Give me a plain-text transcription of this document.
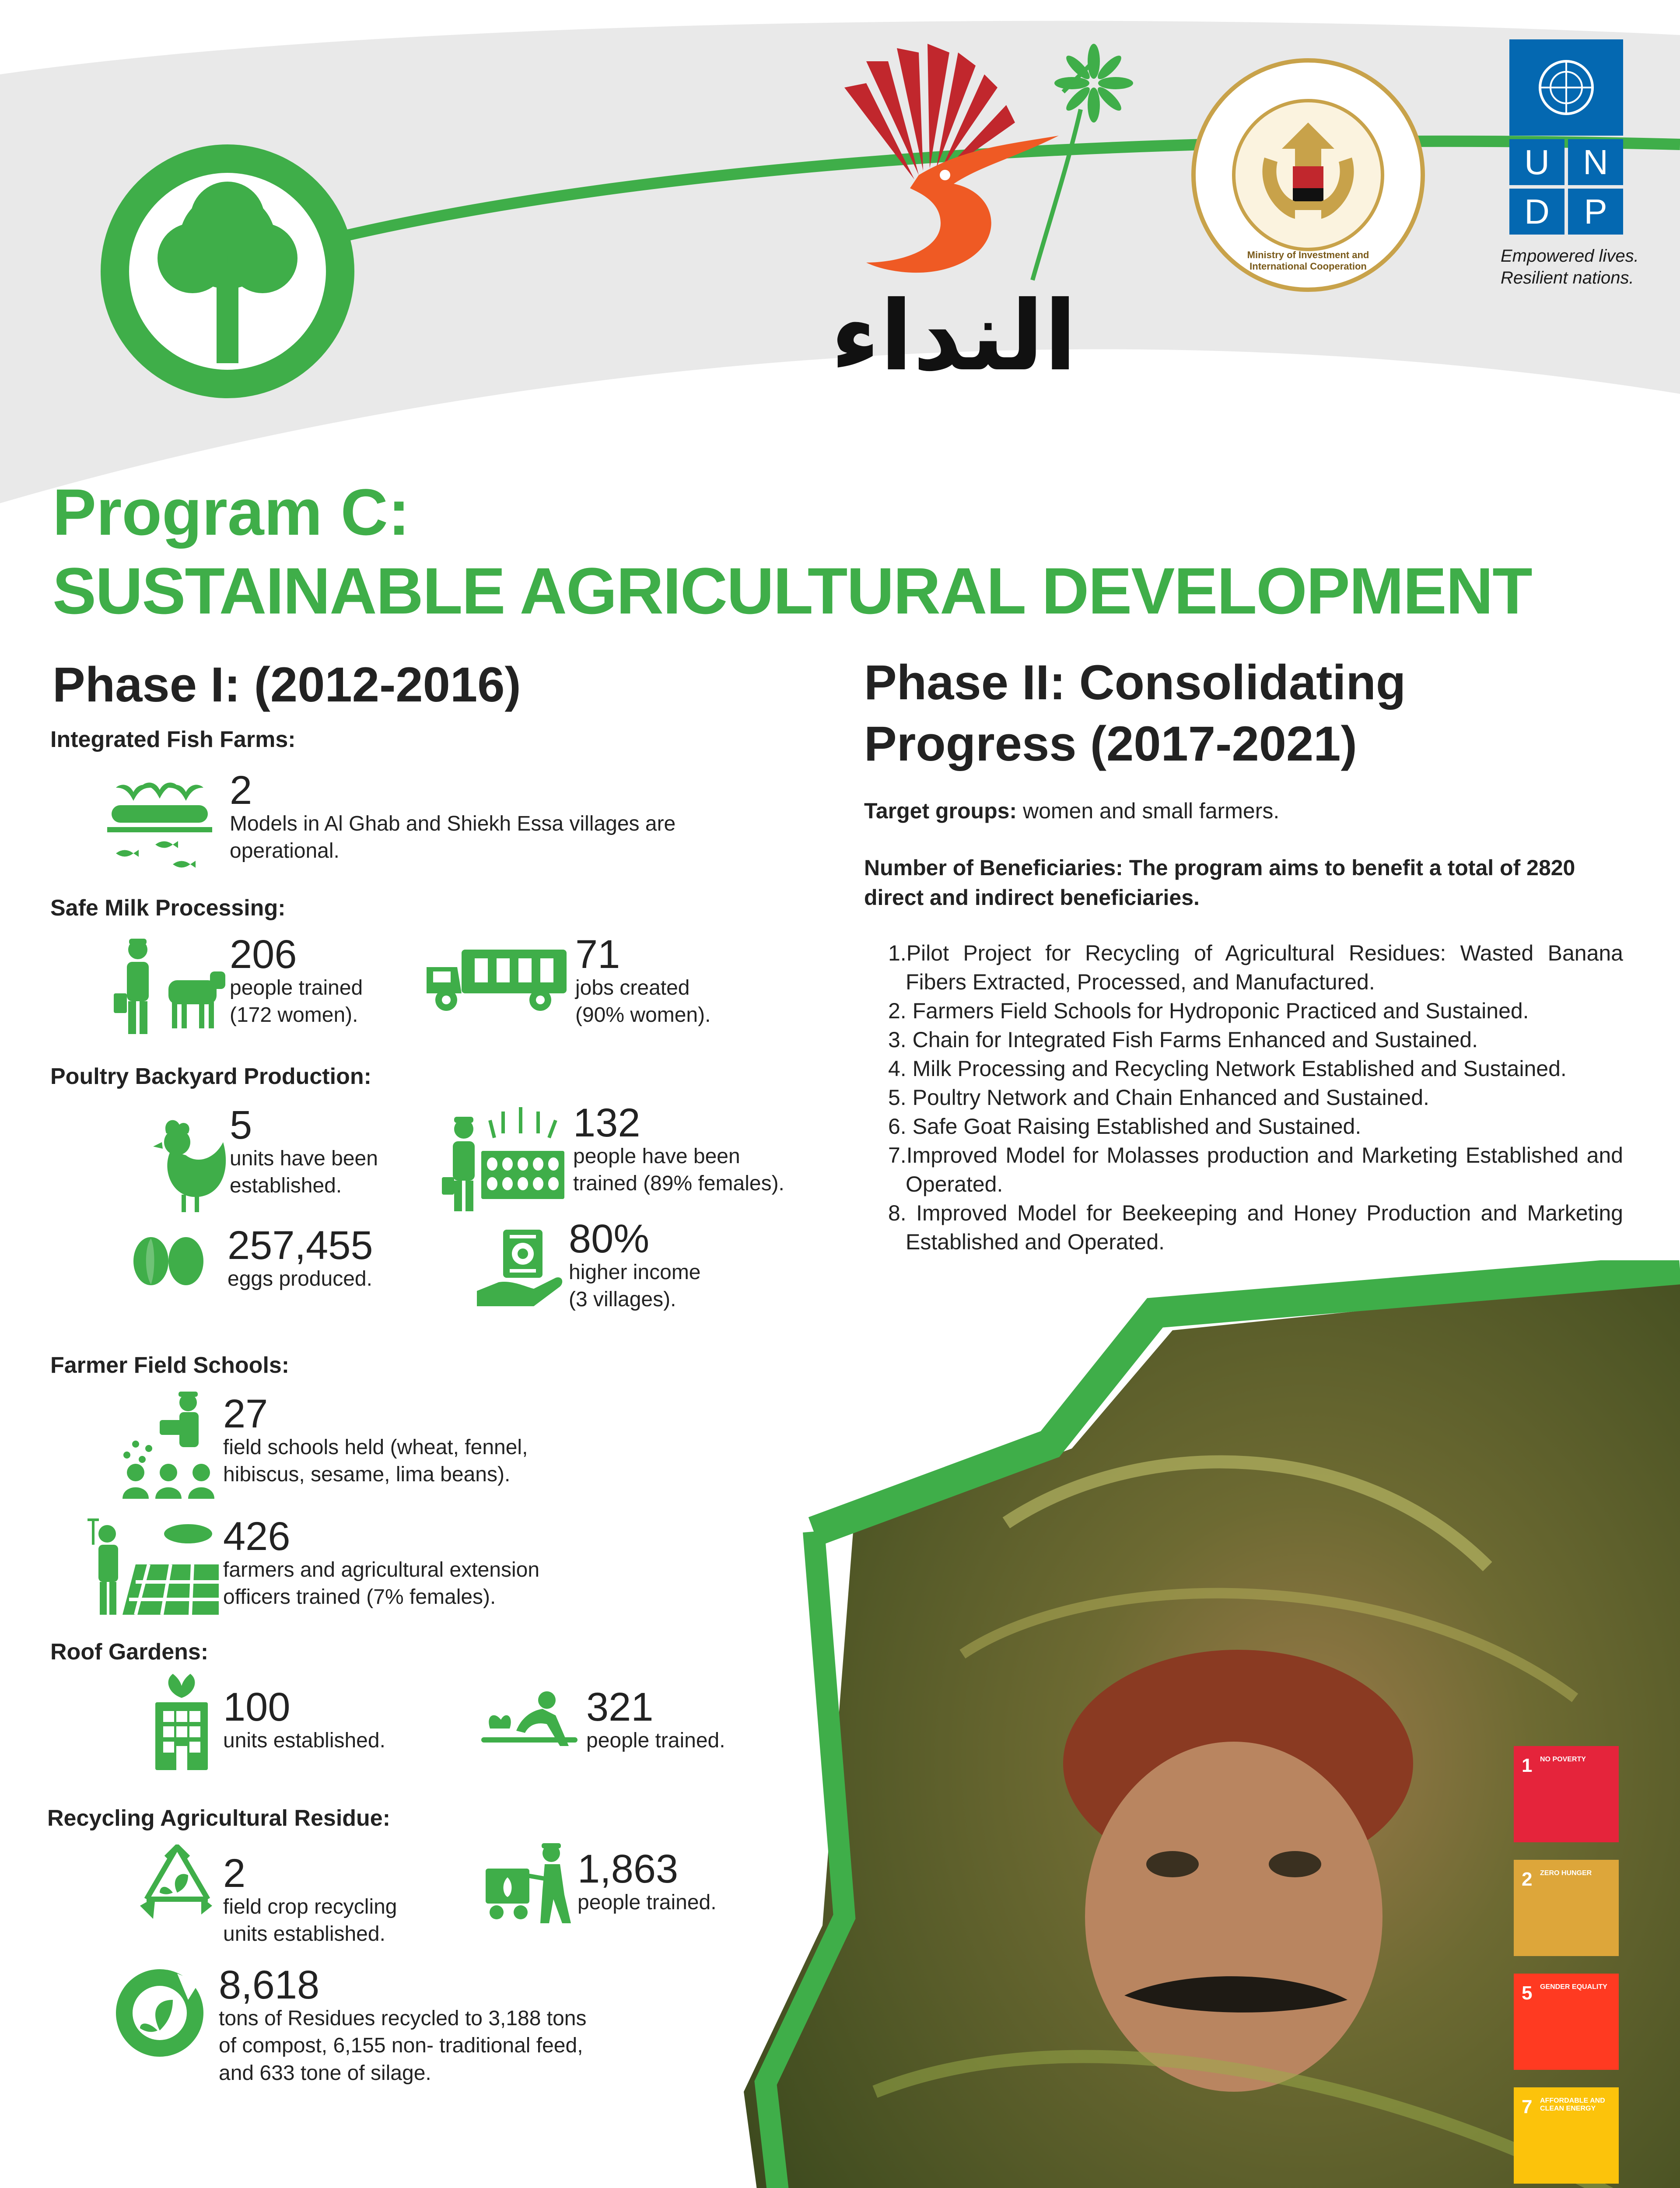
النداء
Ministry of Investment and International Cooperation
U N
D P
Empowered lives.
Resilient nations.
Program C:
SUSTAINABLE AGRICULTURAL DEVELOPMENT
Phase I: (2012-2016)
Integrated Fish Farms:
2
Models in Al Ghab and Shiekh Essa villages are operational.
Safe Milk Processing:
206
people trained
(172 women).
71
jobs created
(90% women).
Poultry Backyard Production:
5
units have been
established.
132
people have been
trained (89% females).
257,455
eggs produced.
80%
higher income
(3 villages).
1 NO POVERTY
2 ZERO HUNGER
5 GENDER EQUALITY
7 AFFORDABLE AND CLEAN ENERGY
Farmer Field Schools:
27
field schools held (wheat, fennel,
hibiscus, sesame, lima beans).
426
farmers and agricultural extension
officers trained (7% females).
Roof Gardens:
100
units established.
321
people trained.
Recycling Agricultural Residue:
2
field crop recycling
units established.
1,863
people trained.
8,618
tons of Residues recycled to 3,188 tons
of compost, 6,155 non- traditional feed,
and 633 tone of silage.
Phase II: Consolidating
Progress (2017-2021)
Target groups: women and small farmers.
Number of Beneficiaries: The program aims to benefit a total of 2820 direct and indirect beneficiaries.
1.Pilot Project for Recycling of Agricultural Residues: Wasted Banana Fibers Extracted, Processed, and Manufactured.
2. Farmers Field Schools for Hydroponic Practiced and Sustained.
3. Chain for Integrated Fish Farms Enhanced and Sustained.
4. Milk Processing and Recycling Network Established and Sustained.
5. Poultry Network and Chain Enhanced and Sustained.
6. Safe Goat Raising Established and Sustained.
7.Improved Model for Molasses production and Marketing Established and Operated.
8. Improved Model for Beekeeping and Honey Production and Marketing Established and Operated.
